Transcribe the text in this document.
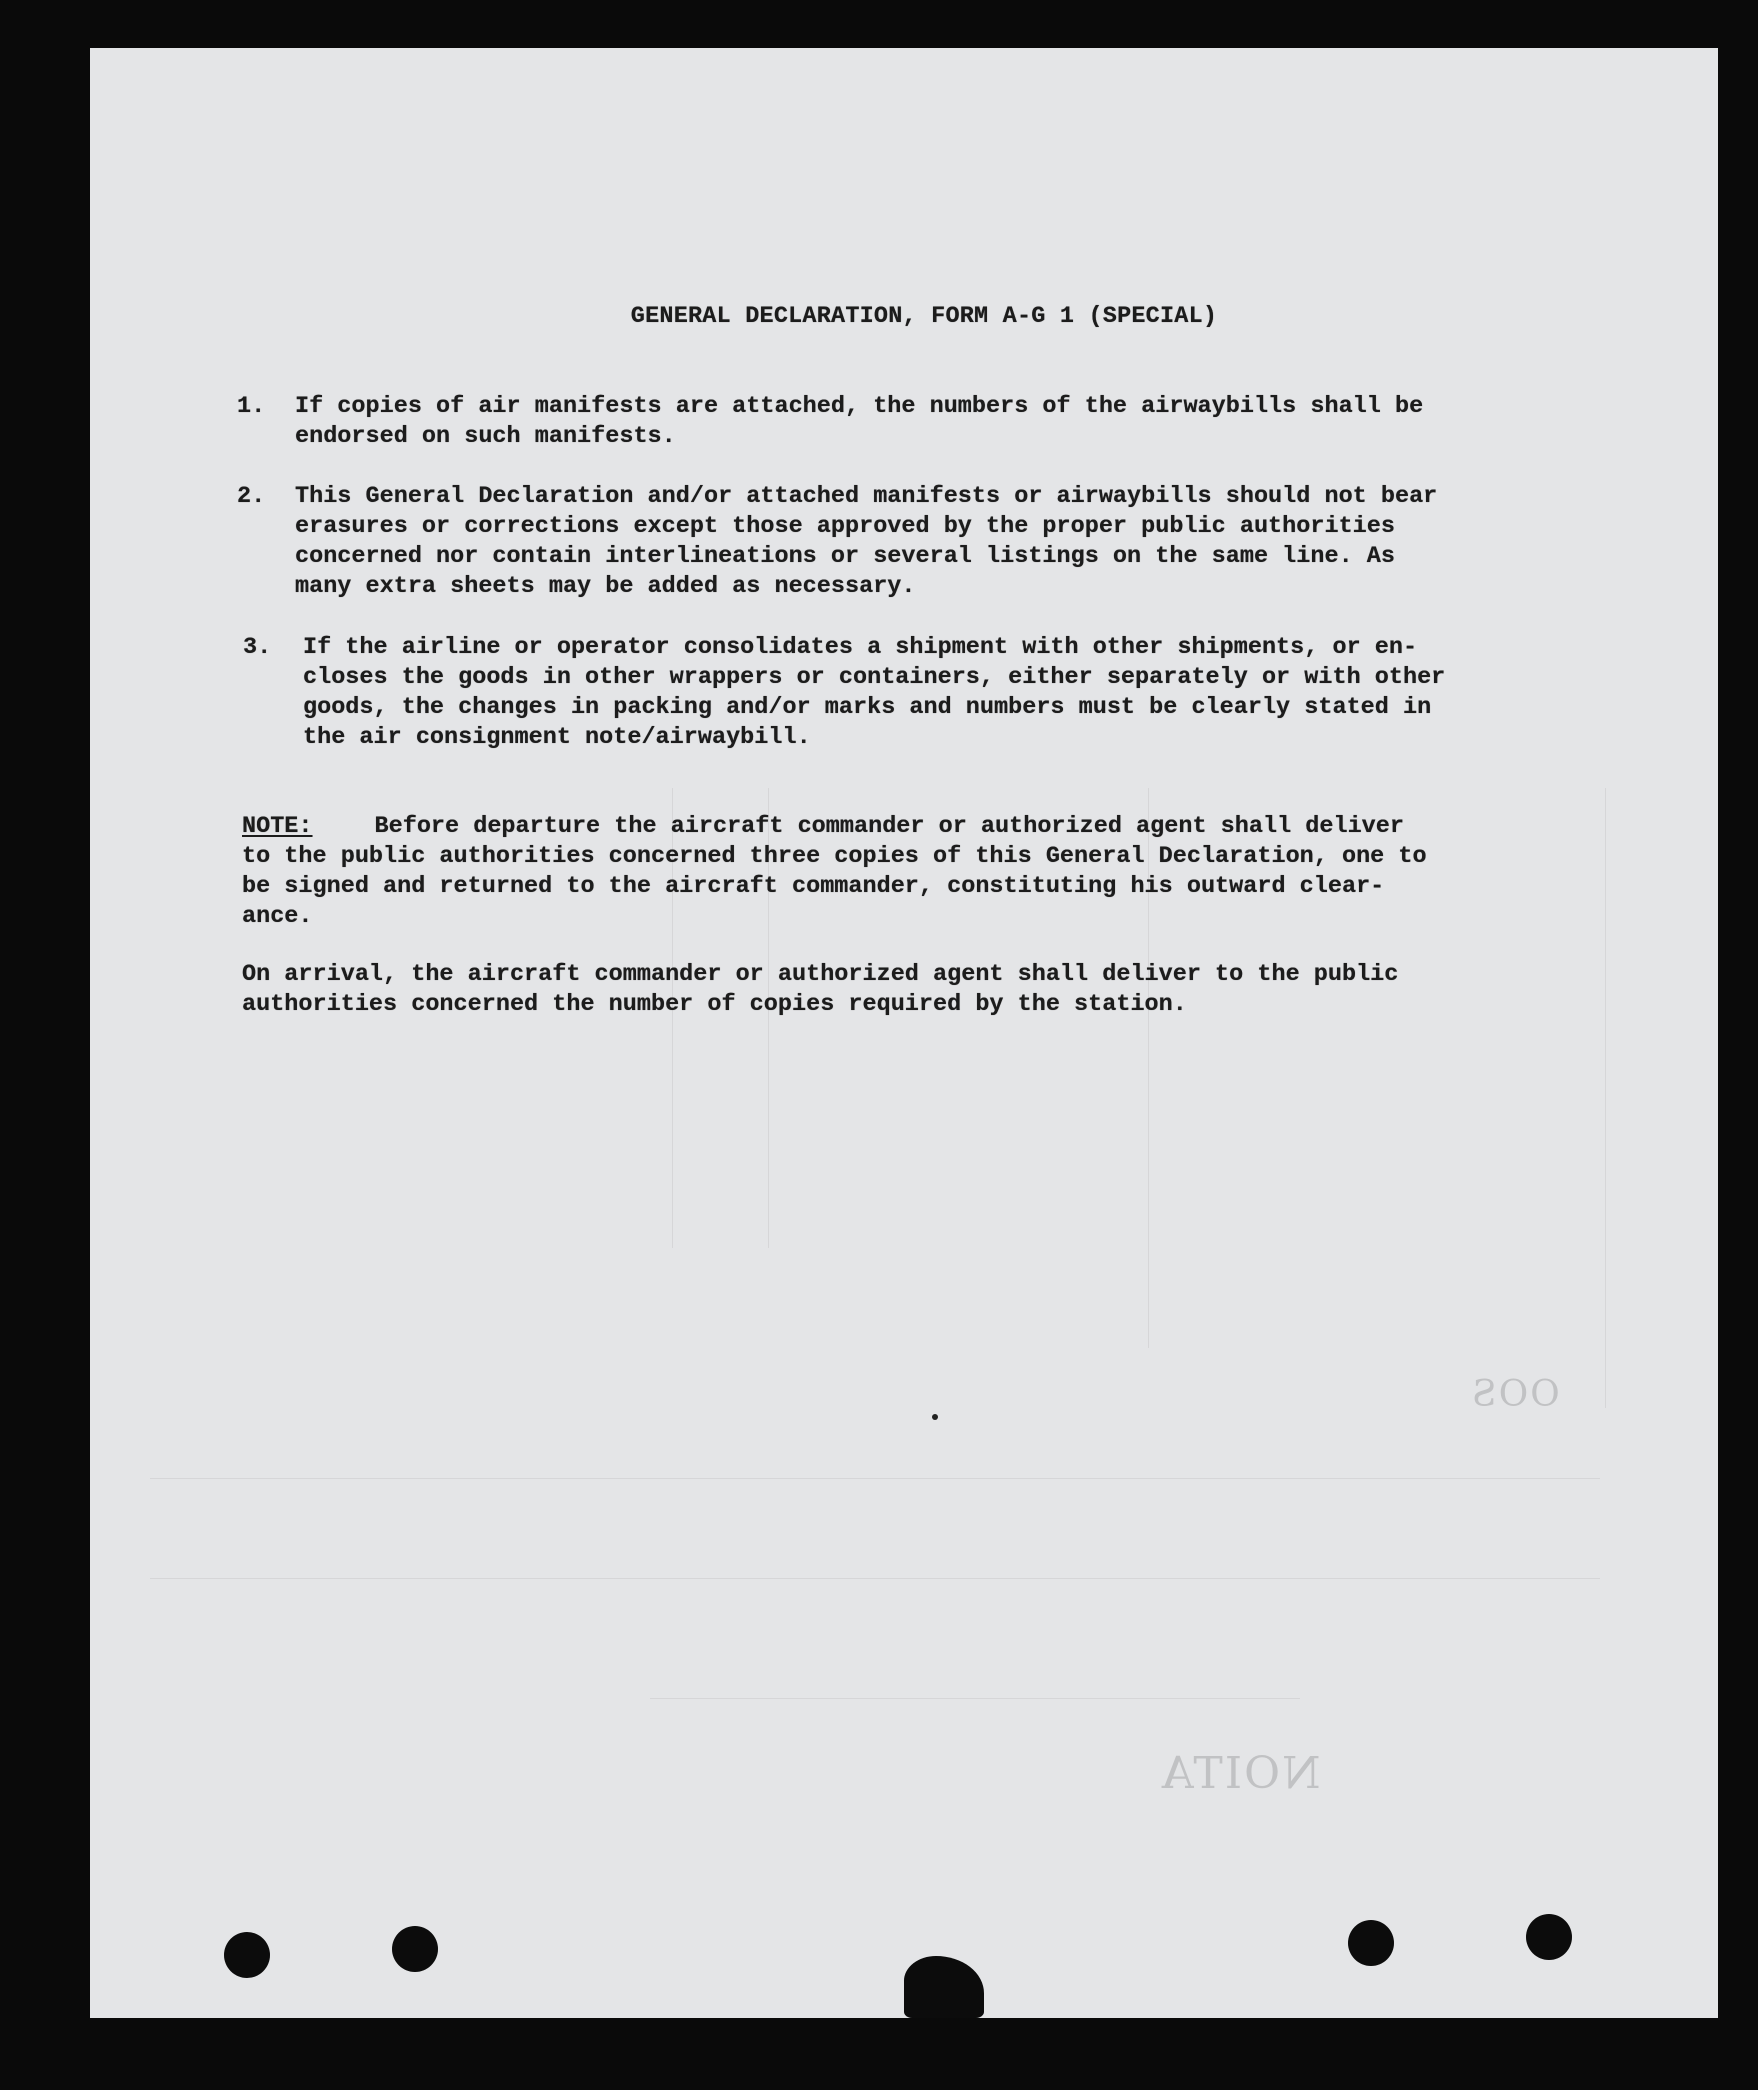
OOS
NOITA
GENERAL DECLARATION, FORM A-G 1 (SPECIAL)
1.	If copies of air manifests are attached, the numbers of the airwaybills shall be
endorsed on such manifests.
2.	This General Declaration and/or attached manifests or airwaybills should not bear
erasures or corrections except those approved by the proper public authorities
concerned nor contain interlineations or several listings on the same line. As
many extra sheets may be added as necessary.
3.	If the airline or operator consolidates a shipment with other shipments, or en-
closes the goods in other wrappers or containers, either separately or with other
goods, the changes in packing and/or marks and numbers must be clearly stated in
the air consignment note/airwaybill.
NOTE:	Before departure the aircraft commander or authorized agent shall deliver
to the public authorities concerned three copies of this General Declaration, one to
be signed and returned to the aircraft commander, constituting his outward clear-
ance.
On arrival, the aircraft commander or authorized agent shall deliver to the public
authorities concerned the number of copies required by the station.
